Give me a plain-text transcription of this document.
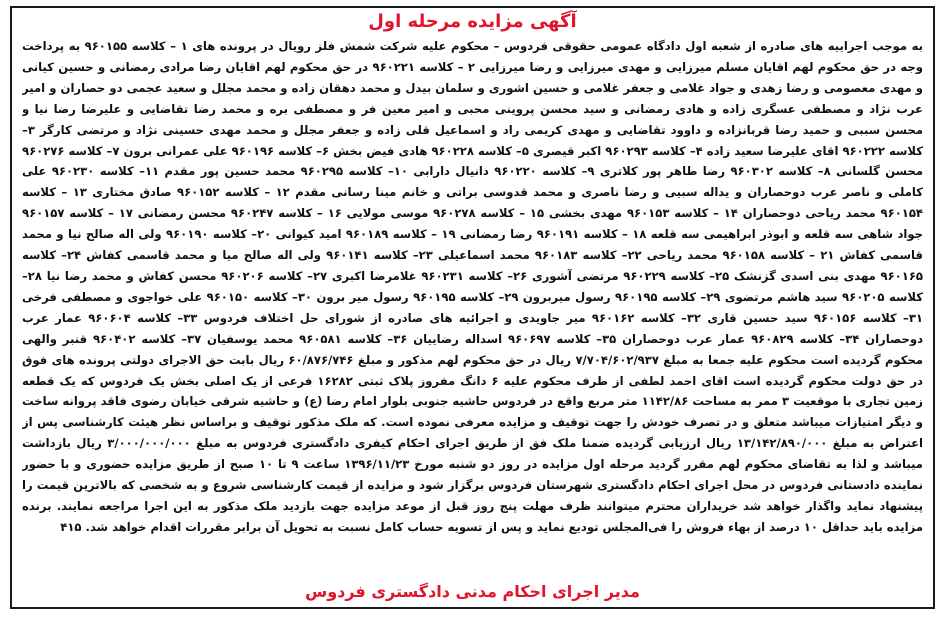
آگهی مزایده مرحله اول
به موجب اجراییه های صادره از شعبه اول دادگاه عمومی حقوقی فردوس – محکوم علیه شرکت شمش فلز رویال در پرونده های ۱ – کلاسه ۹۶۰۱۵۵ به پرداخت وجه در حق محکوم لهم اقایان مسلم میرزایی و مهدی میرزایی و رضا میرزایی ۲ – کلاسه ۹۶۰۲۲۱ در حق محکوم لهم اقایان رضا مرادی رمضانی و حسین کیانی و مهدی معصومی و رضا زهدی و جواد غلامی و جعفر غلامی و حسین اشوری و سلمان بیدل و محمد دهقان زاده و محمد مجلل و سعید عجمی دو حصاران و امیر عرب نژاد و مصطفی عسگری زاده و هادی رمضانی و سید محسن پروینی محبی و امیر معین فر و مصطفی بره و محمد رضا تقاضایی و علیرضا رضا نیا و محسن سببی و حمید رضا قربانزاده و داوود تقاضایی و مهدی کریمی راد و اسماعیل قلی زاده و جعفر مجلل و محمد مهدی حسینی نژاد و مرتضی کارگر ۳– کلاسه ۹۶۰۲۲۲ اقای علیرضا سعید زاده ۴– کلاسه ۹۶۰۲۹۳ اکبر قیصری ۵– کلاسه ۹۶۰۲۲۸ هادی فیض بخش ۶– کلاسه ۹۶۰۱۹۶ علی عمرانی برون ۷– کلاسه ۹۶۰۲۷۶ محسن گلسانی ۸– کلاسه ۹۶۰۳۰۲ رضا طاهر پور کلاتری ۹– کلاسه ۹۶۰۲۲۰ دانیال دارابی ۱۰– کلاسه ۹۶۰۲۹۵ محمد حسین پور مقدم ۱۱– کلاسه ۹۶۰۲۳۰ علی کاملی و ناصر عرب دوحصاران و یداله سبیی و رضا ناصری و محمد قدوسی براتی و خانم مینا رسانی مقدم ۱۲ – کلاسه ۹۶۰۱۵۲ صادق مختاری ۱۳ – کلاسه ۹۶۰۱۵۴ محمد ریاحی دوحصاران ۱۴ – کلاسه ۹۶۰۱۵۳ مهدی بخشی ۱۵ – کلاسه ۹۶۰۲۷۸ موسی مولایی ۱۶ – کلاسه ۹۶۰۲۴۷ محسن رمضانی ۱۷ – کلاسه ۹۶۰۱۵۷ جواد شاهی سه قلعه و ابوذر ابراهیمی سه قلعه ۱۸ – کلاسه ۹۶۰۱۹۱ رضا رمضانی ۱۹ – کلاسه ۹۶۰۱۸۹ امید کیوانی ۲۰– کلاسه ۹۶۰۱۹۰ ولی اله صالح نیا و محمد قاسمی کفاش ۲۱ – کلاسه ۹۶۰۱۵۸ محمد ریاحی ۲۲– کلاسه ۹۶۰۱۸۳ محمد اسماعیلی ۲۳– کلاسه ۹۶۰۱۴۱ ولی اله صالح میا و محمد قاسمی کفاش ۲۴– کلاسه ۹۶۰۱۶۵ مهدی بنی اسدی گزنشک ۲۵– کلاسه ۹۶۰۲۲۹ مرتضی آشوری ۲۶– کلاسه ۹۶۰۲۳۱ غلامرضا اکبری ۲۷– کلاسه ۹۶۰۲۰۶ محسن کفاش و محمد رضا نیا ۲۸– کلاسه ۹۶۰۲۰۵ سید هاشم مرتضوی ۲۹– کلاسه ۹۶۰۱۹۵ رسول میربرون ۲۹– کلاسه ۹۶۰۱۹۵ رسول میر برون ۳۰– کلاسه ۹۶۰۱۵۰ علی خواجوی و مصطفی فرخی ۳۱– کلاسه ۹۶۰۱۵۶ سید حسین قاری ۳۲– کلاسه ۹۶۰۱۶۲ میر جاویدی و اجرائیه های صادره از شورای حل اختلاف فردوس ۳۳– کلاسه ۹۶۰۶۰۴ عمار عرب دوحصاران ۳۴– کلاسه ۹۶۰۸۲۹ عمار عرب دوحصاران ۳۵– کلاسه ۹۶۰۶۹۷ اسداله رضاییان ۳۶– کلاسه ۹۶۰۵۸۱ محمد یوسفیان ۳۷– کلاسه ۹۶۰۴۰۲ قنبر والهی محکوم گردیده است محکوم علیه جمعا به مبلغ ۷/۷۰۴/۶۰۲/۹۳۷ ریال در حق محکوم لهم مذکور و مبلغ ۶۰/۸۷۶/۷۴۶ ریال بابت حق الاجرای دولتی پرونده های فوق در حق دولت محکوم گردیده است اقای احمد لطفی از طرف محکوم علیه ۶ دانگ مفروز پلاک ثبتی ۱۶۲۸۲ فرعی از یک اصلی بخش یک فردوس که یک قطعه زمین تجاری با موقعیت ۳ ممر به مساحت ۱۱۴۲/۸۶ متر مربع واقع در فردوس حاشیه جنوبی بلوار امام رضا (ع) و حاشیه شرقی خیابان رضوی فاقد پروانه ساخت و دیگر امتیازات میباشد متعلق و در تصرف خودش را جهت توقیف و مزایده معرفی نموده است. که ملک مذکور توقیف و براساس نظر هیئت کارشناسی پس از اعتراض به مبلغ ۱۳/۱۴۲/۸۹۰/۰۰۰ ریال ارزیابی گردیده ضمنا ملک فق از طریق اجرای احکام کیفری دادگستری فردوس به مبلغ ۳/۰۰۰/۰۰۰/۰۰۰ ریال بازداشت میباشد و لذا به تقاضای محکوم لهم مقرر گردید مرحله اول مزایده در روز دو شنبه مورخ ۱۳۹۶/۱۱/۲۳ ساعت ۹ تا ۱۰ صبح از طریق مزایده حضوری و با حضور نماینده دادستانی فردوس در محل اجرای احکام دادگستری شهرستان فردوس برگزار شود و مزایده از قیمت کارشناسی شروع و به شخصی که بالاترین قیمت را پیشنهاد نماید واگذار خواهد شد خریداران محترم میتوانند ظرف مهلت پنج روز قبل از موعد مزایده جهت بازدید ملک مذکور به این اجرا مراجعه نمایند. برنده مزایده باید حداقل ۱۰ درصد از بهاء فروش را فی‌المجلس تودیع نماید و پس از تسویه حساب کامل نسبت به تحویل آن برابر مقررات اقدام خواهد شد. ۴۱۵
مدیر اجرای احکام مدنی دادگستری فردوس
